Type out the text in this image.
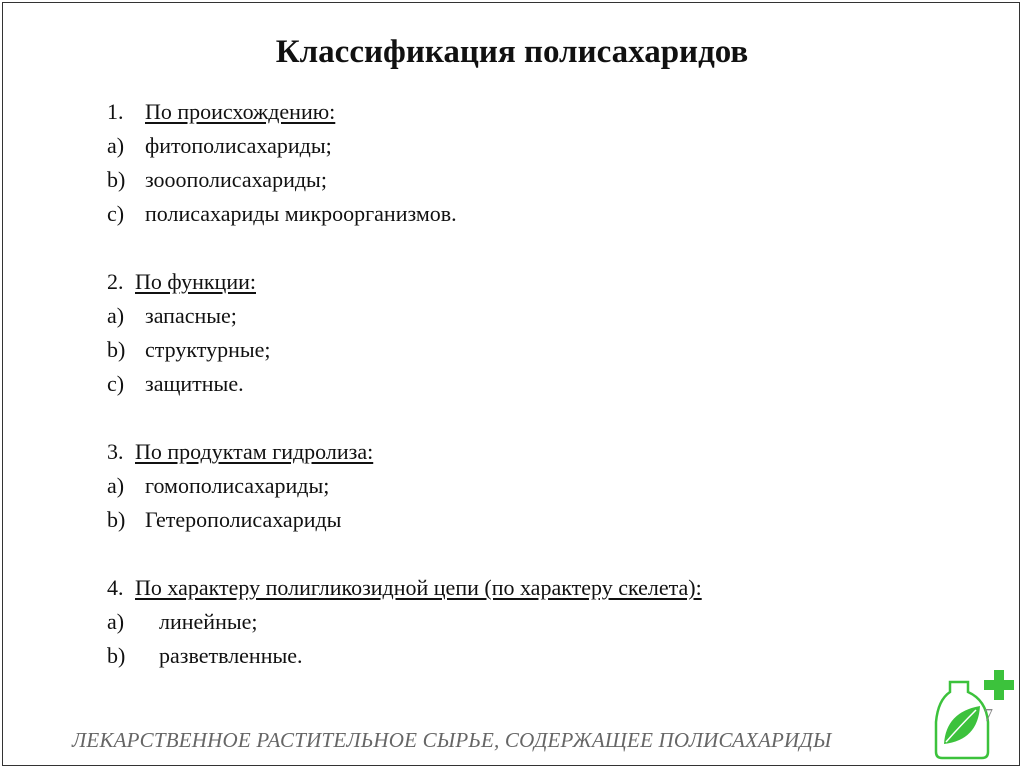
Классификация полисахаридов
1. По происхождению:
a) фитополисахариды;
b) зооополисахариды;
c) полисахариды микроорганизмов.
2. По функции:
a) запасные;
b) структурные;
c) защитные.
3. По продуктам гидролиза:
a) гомополисахариды;
b) Гетерополисахариды
4. По характеру полигликозидной цепи (по характеру скелета):
a) линейные;
b) разветвленные.
ЛЕКАРСТВЕННОЕ РАСТИТЕЛЬНОЕ СЫРЬЕ, СОДЕРЖАЩЕЕ ПОЛИСАХАРИДЫ
7
